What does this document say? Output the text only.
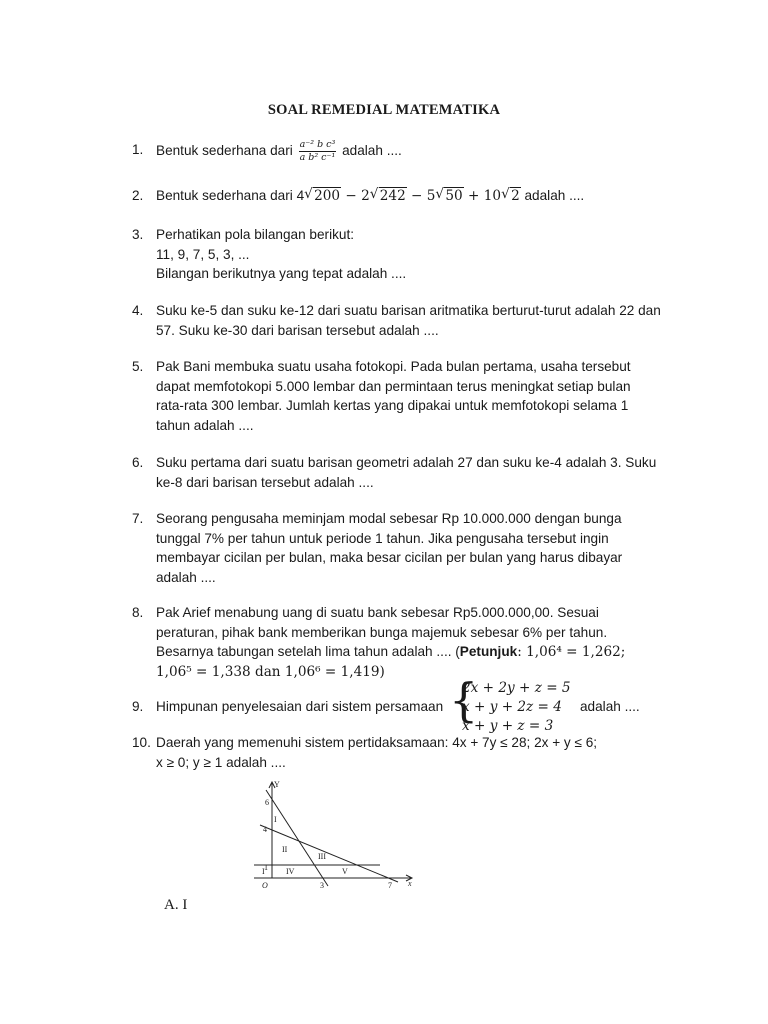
SOAL REMEDIAL MATEMATIKA
1. Bentuk sederhana dari $\frac{\text{a⁻² b c³}}{\text{a b² c⁻¹}}$ adalah ....
2. Bentuk sederhana dari 4 √ 200 − 2 √ 242 − 5 √ 50 + 10 √ 2 adalah ....
3. Perhatikan pola bilangan berikut:
11, 9, 7, 5, 3, ...
Bilangan berikutnya yang tepat adalah ....
4. Suku ke-5 dan suku ke-12 dari suatu barisan aritmatika berturut-turut adalah 22 dan 57. Suku ke-30 dari barisan tersebut adalah ....
5. Pak Bani membuka suatu usaha fotokopi. Pada bulan pertama, usaha tersebut dapat memfotokopi 5.000 lembar dan permintaan terus meningkat setiap bulan rata-rata 300 lembar. Jumlah kertas yang dipakai untuk memfotokopi selama 1 tahun adalah ....
6. Suku pertama dari suatu barisan geometri adalah 27 dan suku ke-4 adalah 3. Suku ke-8 dari barisan tersebut adalah ....
7. Seorang pengusaha meminjam modal sebesar Rp 10.000.000 dengan bunga tunggal 7% per tahun untuk periode 1 tahun. Jika pengusaha tersebut ingin membayar cicilan per bulan, maka besar cicilan per bulan yang harus dibayar adalah ....
8. Pak Arief menabung uang di suatu bank sebesar Rp5.000.000,00. Sesuai
peraturan, pihak bank memberikan bunga majemuk sebesar 6% per tahun.
Besarnya tabungan setelah lima tahun adalah .... (Petunjuk: 1,06⁴ = 1,262;
1,06⁵ = 1,338 dan 1,06⁶ = 1,419)
9. Himpunan penyelesaian dari sistem persamaan {
2x + 2y + z = 5
x + y + 2z = 4
x + y + z = 3
adalah ....
10. Daerah yang memenuhi sistem pertidaksamaan: 4x + 7y ≤ 28; 2x + y ≤ 6;
x ≥ 0; y ≥ 1 adalah ....
Y
x
O
6
4
1
3	7
I
II
III
IV	V
I
A. I
